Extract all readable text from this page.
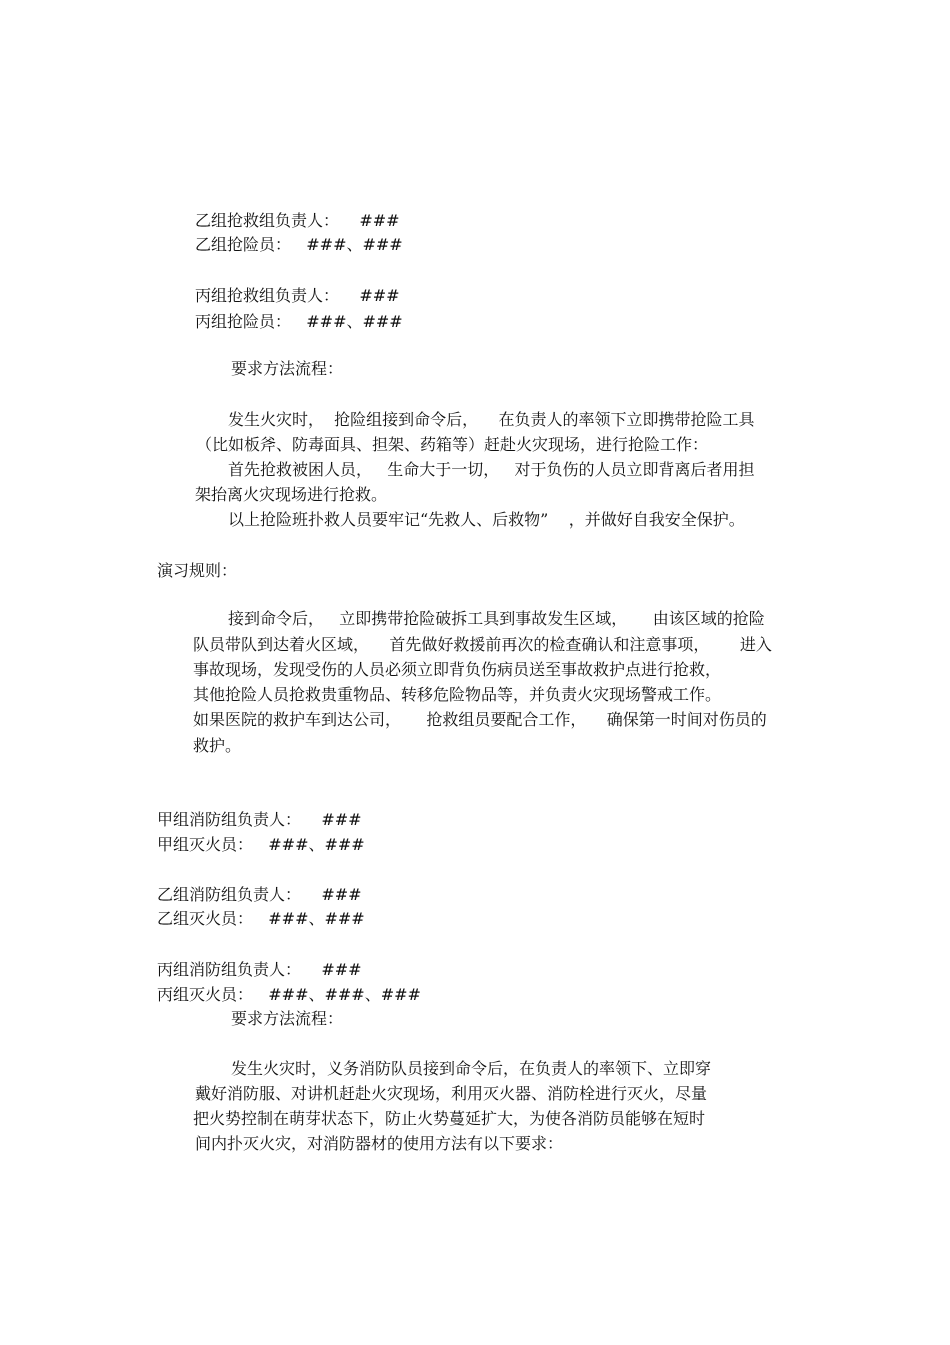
乙组抢救组负责人：    ###
乙组抢险员：   ###、###
丙组抢救组负责人：    ###
丙组抢险员：   ###、###
要求方法流程：
发生火灾时，  抢险组接到命令后，    在负责人的率领下立即携带抢险工具
（比如板斧、防毒面具、担架、药箱等）赶赴火灾现场，进行抢险工作：
首先抢救被困人员，   生命大于一切，   对于负伤的人员立即背离后者用担
架抬离火灾现场进行抢救。
以上抢险班扑救人员要牢记“先救人、后救物”    ，并做好自我安全保护。
演习规则：
接到命令后，   立即携带抢险破拆工具到事故发生区域，     由该区域的抢险
队员带队到达着火区域，    首先做好救援前再次的检查确认和注意事项，      进入
事故现场，发现受伤的人员必须立即背负伤病员送至事故救护点进行抢救，
其他抢险人员抢救贵重物品、转移危险物品等，并负责火灾现场警戒工作。
如果医院的救护车到达公司，     抢救组员要配合工作，    确保第一时间对伤员的
救护。
甲组消防组负责人：    ###
甲组灭火员：   ###、###
乙组消防组负责人：    ###
乙组灭火员：   ###、###
丙组消防组负责人：    ###
丙组灭火员：   ###、###、###
要求方法流程：
发生火灾时，义务消防队员接到命令后，在负责人的率领下、立即穿
戴好消防服、对讲机赶赴火灾现场，利用灭火器、消防栓进行灭火，尽量
把火势控制在萌芽状态下，防止火势蔓延扩大，为使各消防员能够在短时
间内扑灭火灾，对消防器材的使用方法有以下要求：
